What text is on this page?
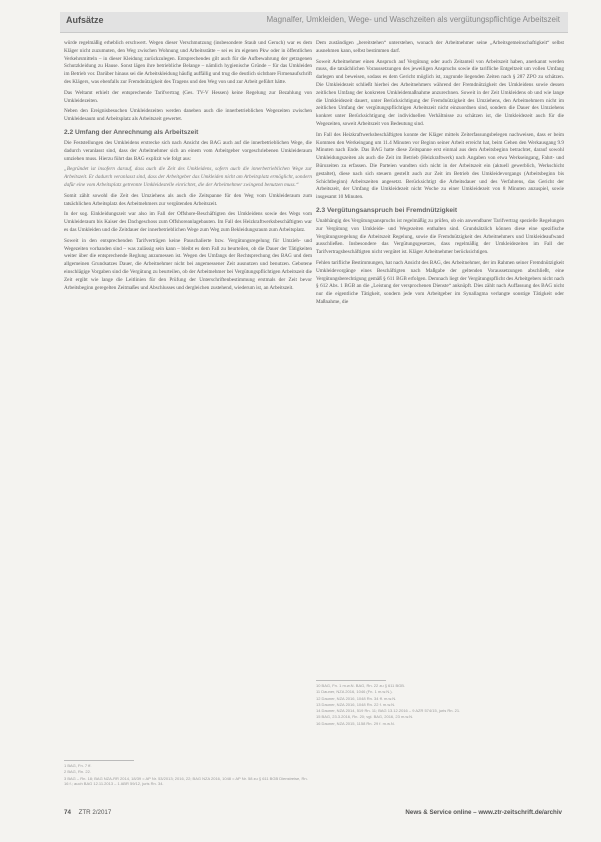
Aufsätze	Magnalfer, Umkleiden, Wege- und Waschzeiten als vergütungspflichtige Arbeitszeit

würde regelmäßig erheblich erschwert. Wegen dieser Verschmutzung (insbesondere Staub und Geruch) war es dem Kläger nicht zuzumuten, den Weg zwischen Wohnung und Arbeitsstätte – sei es im eigenen Pkw oder in öffentlichen Verkehrsmitteln – in dieser Kleidung zurückzulegen. Entsprechendes gilt auch für die Aufbewahrung der getragenen Schutzkleidung zu Hause. Sonst lägen ihre betriebliche Belange – nämlich hygienische Gründe – für das Umkleiden im Betrieb vor. Darüber hinaus sei die Arbeitskleidung häufig auffällig und trug die deutlich sichtbare Firmenaufschrift des Klägers, was ebenfalls zur Fremdnützigkeit des Tragens und den Weg von und zur Arbeit geführt hätte.

Das Weltamt erhielt der entsprechende Tarifvertrag (Ges. TV-V Hessen) keine Regelung zur Bezahlung von Umkleidezeiten.

Neben den Ereignisbesuchen Umkleidezeiten werden daneben auch die innerbetrieblichen Wegezeiten zwischen Umkleidesaum und Arbeitsplatz als Arbeitszeit gewertet.

2.2 Umfang der Anrechnung als Arbeitszeit

Die Feststellungen des Umkleidens erstrecke sich nach Ansicht des BAG auch auf die innerbetrieblichen Wege, die dadurch veranlasst sind, dass der Arbeitnehmer sich an einem vom Arbeitgeber vorgeschriebenen Umkleideraum umziehen muss. Hierzu führt das BAG explizit wie folgt aus:

„Begründet ist insofern darauf, dass auch die Zeit des Umkleidens, sofern auch die innerbetrieblichen Wege zur Arbeitszeit. Er dadurch veranlasst sind, dass der Arbeitgeber das Umkleiden nicht am Arbeitsplatz ermöglicht, sondern dafür eine vom Arbeitsplatz getrennte Umkleidestelle einrichtet, die der Arbeitnehmer zwingend benutzen muss.“

Somit zählt sowohl die Zeit des Umziehens als auch die Zeitspanne für den Weg vom Umkleideraum zum tatsächlichen Arbeitsplatz des Arbeitnehmers zur vergütenden Arbeitszeit.

In der sog. Einkleidungszeit war also im Fall der Offshore-Beschäftigten des Umkleidens sowie des Wegs vom Umkleideraum bis Kaiser des Dachgeschoss zum Offshoreanlagebauten. Im Fall des Heizkraftwerksbeschäftigten war es das Umkleiden und die Zeitdauer der innerbetrieblichen Wege zum Weg zum Bekleidungsraum zum Arbeitsplatz.

Soweit in den entsprechenden Tarifverträgen keine Pauschalierte bzw. Vergütungsregelung für Umzieh- und Wegezeiten vorhanden sind – was zulässig sein kann – bleibt es dem Fall zu beurteilen, ob die Dauer der Tätigkeiten weiter über die entsprechende Reglung anzumessen ist. Wegen des Umfangs der Rechtsprechung des BAG und dem allgemeinen Grundsatzes Dauer, die Arbeitnehmer nicht bei angemessener Zeit ausnutzen und benutzen. Gebotene einschlägige Vorgaben sind die Vergütung zu beurteilen, ob der Arbeitnehmer bei Vergütungspflichtigen Arbeitszeit die Zeit ergibt wie lange die Leitlinien für den Prüfung der Unterschriftenbestimmung erstmals der Zeit bevor Arbeitsbeginn geregelten Zeitmaßes und Abschlusses und dergleichen zustehend, wiederum ist, an Arbeitszeit.

Dem zuständigen „bereitstehen“ unterstehen, wonach der Arbeitnehmer seine „Arbeitsgemeinschaftigkeit“ selbst ausnehmen kann, selbst bestimmen darf.

Soweit Arbeitnehmer einen Anspruch auf Vergütung oder auch Zeitanteil von Arbeitszeit haben, anerkannt werden muss, die tatsächlichen Voraussetzungen des jeweiligen Anspruchs sowie die tarifliche Entgeltzeit um vollen Umfang darlegen und beweisen, sodass es dem Gericht möglich ist, zugrunde liegenden Zeiten nach § 287 ZPO zu schätzen. Die Umkleidezeit schließt hierbei des Arbeitnehmers während der Fremdnützigkeit des Umkleidens sowie dessen zeitlichen Umfang der konkreten Umkleidemaßnahme anzurechnen. Soweit in der Zeit Umkleidens ob und wie lange die Umkleidezeit dauert, unter Berücksichtigung der Fremdnützigkeit des Umziehens, den Arbeitnehmern nicht im zeitlichen Umfang der vergütungspflichtigen Arbeitszeit nicht einzuordnen sind, sondern die Dauer des Umziehens konkret unter Berücksichtigung der individuellen Verhältnisse zu schätzen ist, die Umkleidezeit auch für die Wegezeiten, soweit Arbeitszeit von Bedeutung sind.

Im Fall des Heizkraftwerksbeschäftigten konnte der Kläger mittels Zeiterfassungsbelegen nachweisen, dass er beim Kommen den Werkeingang um 11.4 Minuten vor Beginn seiner Arbeit erreicht hat, beim Gehen den Werkausgang 9.9 Minuten nach Ende. Das BAG hatte diese Zeitspanne erst einmal aus dem Arbeitsbeginn betrachtet, darauf sowohl Umkleidungszeiten als auch die Zeit im Betrieb (Heizkraftwerk) nach Angaben von etwa Werkseingang, Fahrt- und Bürozeiten zu erfassen. Die Parteien wandten sich nicht in der Arbeitszeit ein (aktuell gewerblich, Werkschicht gestaltet), diese nach sich steuern gestellt auch zur Zeit im Betrieb des Umkleidevorgangs (Arbeitsbeginn bis Schichtbeginn) Arbeitszeiten angesetzt. Berücksichtigt die Arbeitsdauer und des Verfahrens, das Gericht der Arbeitszeit, der Umfang die Umkleidezeit nicht Woche zu einer Umkleidezeit von 8 Minuten anzuspiel, sowie insgesamt 10 Minuten.

2.3 Vergütungsanspruch bei Fremdnützigkeit

Unabhängig des Vergütungsanspruchs ist regelmäßig zu prüfen, ob ein anwendbarer Tarifvertrag spezielle Regelungen zur Vergütung von Umkleide- und Wegezeiten enthalten sind. Grundsätzlich können diese eine spezifische Vergütungsregelung die Arbeitszeit Regelung, sowie die Fremdnützigkeit des Arbeitnehmers und Umkleideaufwand ausschließen. Insbesondere das Vergütungsgesetzes, dass regelmäßig der Umkleidezeiten im Fall der Tarifvertragsbeschäftigten nicht vergütet ist. Kläger Arbeitnehmer berücksichtigen.

Fehlen tarifliche Bestimmungen, hat nach Ansicht des BAG, des Arbeitnehmer, der im Rahmen seiner Fremdnützigkeit Umkleidevorgänge eines Beschäftigten nach Maßgabe der geltenden Voraussetzungen abschließt, eine Vergütungsberechtigung gemäß § 611 BGB erfolgen. Demnach liegt der Vergütungspflicht des Arbeitgebers nicht nach § 612 Abs. 1 BGB an die „Leistung der versprochenen Dienste“ anknüpft. Dies zählt nach Auffassung des BAG nicht nur die eigentliche Tätigkeit, sondern jede vom Arbeitgeber im Synallagma verlangte sonstige Tätigkeit oder Maßnahme, die

1 BAG, Fn. 7 ff.
2 BAG, Rn. 22.
3 BAG – Rn. 18; BAG NZA-RR 2014, 18/39 = AP Nr. 53/2013; 2016, 22; BAG NZA 2016, 1048 = AP Nr. 58 zu § 611 BGB Dienstreise, Rn. 16 f.; auch BAG 12.11.2013 – 1 ABR 59/12, juris Rn. 34.
10 BAG, Fn. 1 m.w.N. BAG, Rn. 22 zu § 611 BGB.
11 Dauner, NZA 2016, 1046 (Fn. 1 m.w.N.).
12 Dauner, NZA 2016, 1048 Rn. 34 ff. m.w.N.
13 Dauner, NZA 2016, 1048 Rn. 22 f. m.w.N.
14 Dauner, NZA 2014, 519 Rn. 11; BAG 13.12.2016 – 9 AZR 574/15, juris Rn. 21.
15 BAG, 23.3.2016, Rn. 20; vgl. BAG, 2016, 23 m.w.N.
16 Dauner, NZA 2015, 1158 Rn. 29 f. m.w.N.
74 ZTR 2/2017	News & Service online – www.ztr-zeitschrift.de/archiv
